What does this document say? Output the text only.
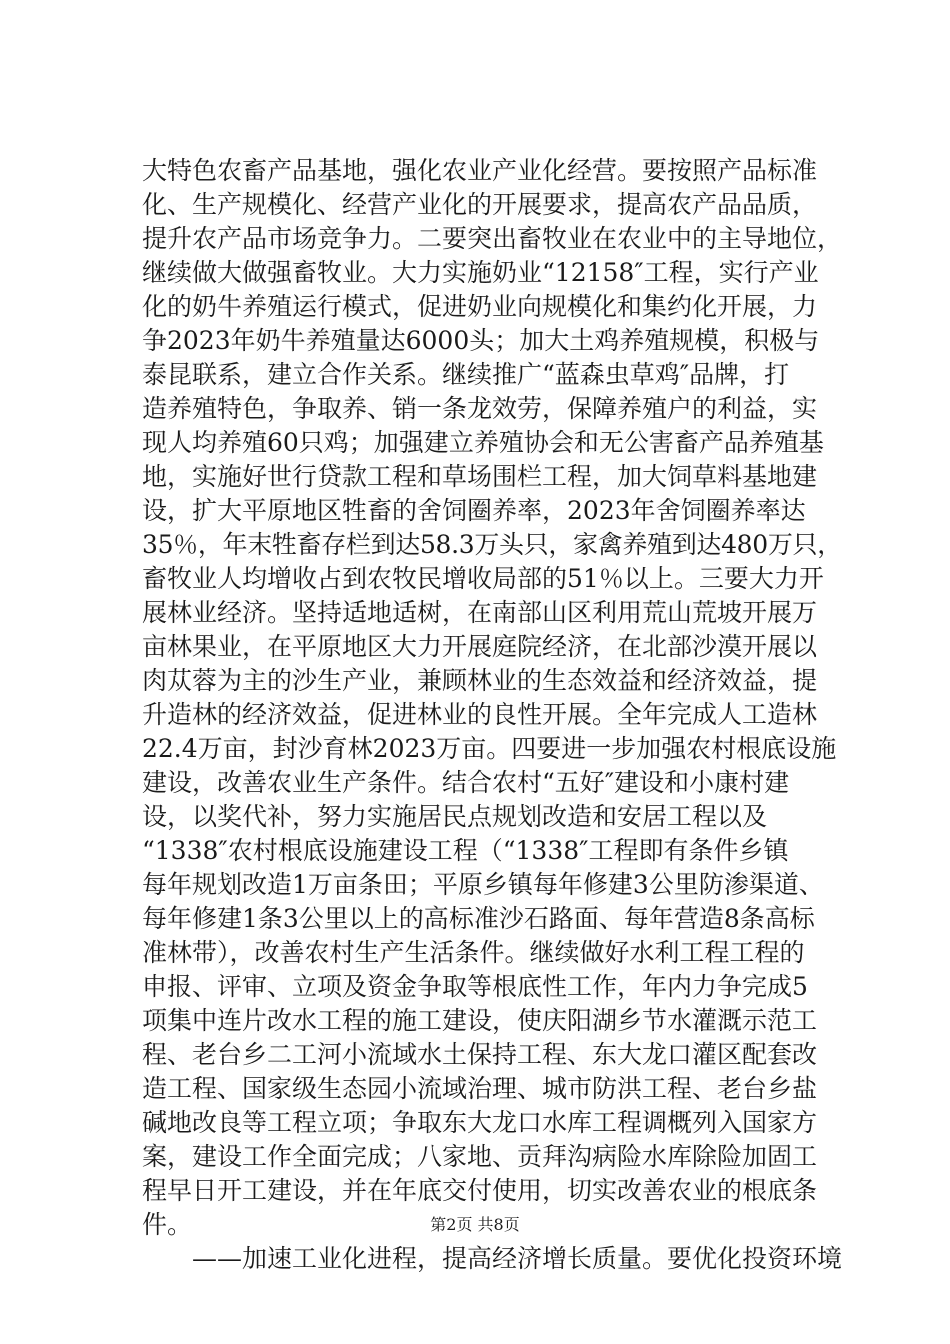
大特色农畜产品基地，强化农业产业化经营。要按照产品标准
化、生产规模化、经营产业化的开展要求，提高农产品品质，
提升农产品市场竞争力。二要突出畜牧业在农业中的主导地位，
继续做大做强畜牧业。大力实施奶业“12158″工程，实行产业
化的奶牛养殖运行模式，促进奶业向规模化和集约化开展，力
争2023年奶牛养殖量达6000头；加大土鸡养殖规模，积极与
泰昆联系，建立合作关系。继续推广“蓝森虫草鸡″品牌，打
造养殖特色，争取养、销一条龙效劳，保障养殖户的利益，实
现人均养殖60只鸡；加强建立养殖协会和无公害畜产品养殖基
地，实施好世行贷款工程和草场围栏工程，加大饲草料基地建
设，扩大平原地区牲畜的舍饲圈养率，2023年舍饲圈养率达
35％，年末牲畜存栏到达58.3万头只，家禽养殖到达480万只，
畜牧业人均增收占到农牧民增收局部的51％以上。三要大力开
展林业经济。坚持适地适树，在南部山区利用荒山荒坡开展万
亩林果业，在平原地区大力开展庭院经济，在北部沙漠开展以
肉苁蓉为主的沙生产业，兼顾林业的生态效益和经济效益，提
升造林的经济效益，促进林业的良性开展。全年完成人工造林
22.4万亩，封沙育林2023万亩。四要进一步加强农村根底设施
建设，改善农业生产条件。结合农村“五好″建设和小康村建
设，以奖代补，努力实施居民点规划改造和安居工程以及
“1338″农村根底设施建设工程（“1338″工程即有条件乡镇
每年规划改造1万亩条田；平原乡镇每年修建3公里防渗渠道、
每年修建1条3公里以上的高标准沙石路面、每年营造8条高标
准林带），改善农村生产生活条件。继续做好水利工程工程的
申报、评审、立项及资金争取等根底性工作，年内力争完成5
项集中连片改水工程的施工建设，使庆阳湖乡节水灌溉示范工
程、老台乡二工河小流域水土保持工程、东大龙口灌区配套改
造工程、国家级生态园小流域治理、城市防洪工程、老台乡盐
碱地改良等工程立项；争取东大龙口水库工程调概列入国家方
案，建设工作全面完成；八家地、贡拜沟病险水库除险加固工
程早日开工建设，并在年底交付使用，切实改善农业的根底条
件。
——加速工业化进程，提高经济增长质量。要优化投资环境
第2页 共8页
